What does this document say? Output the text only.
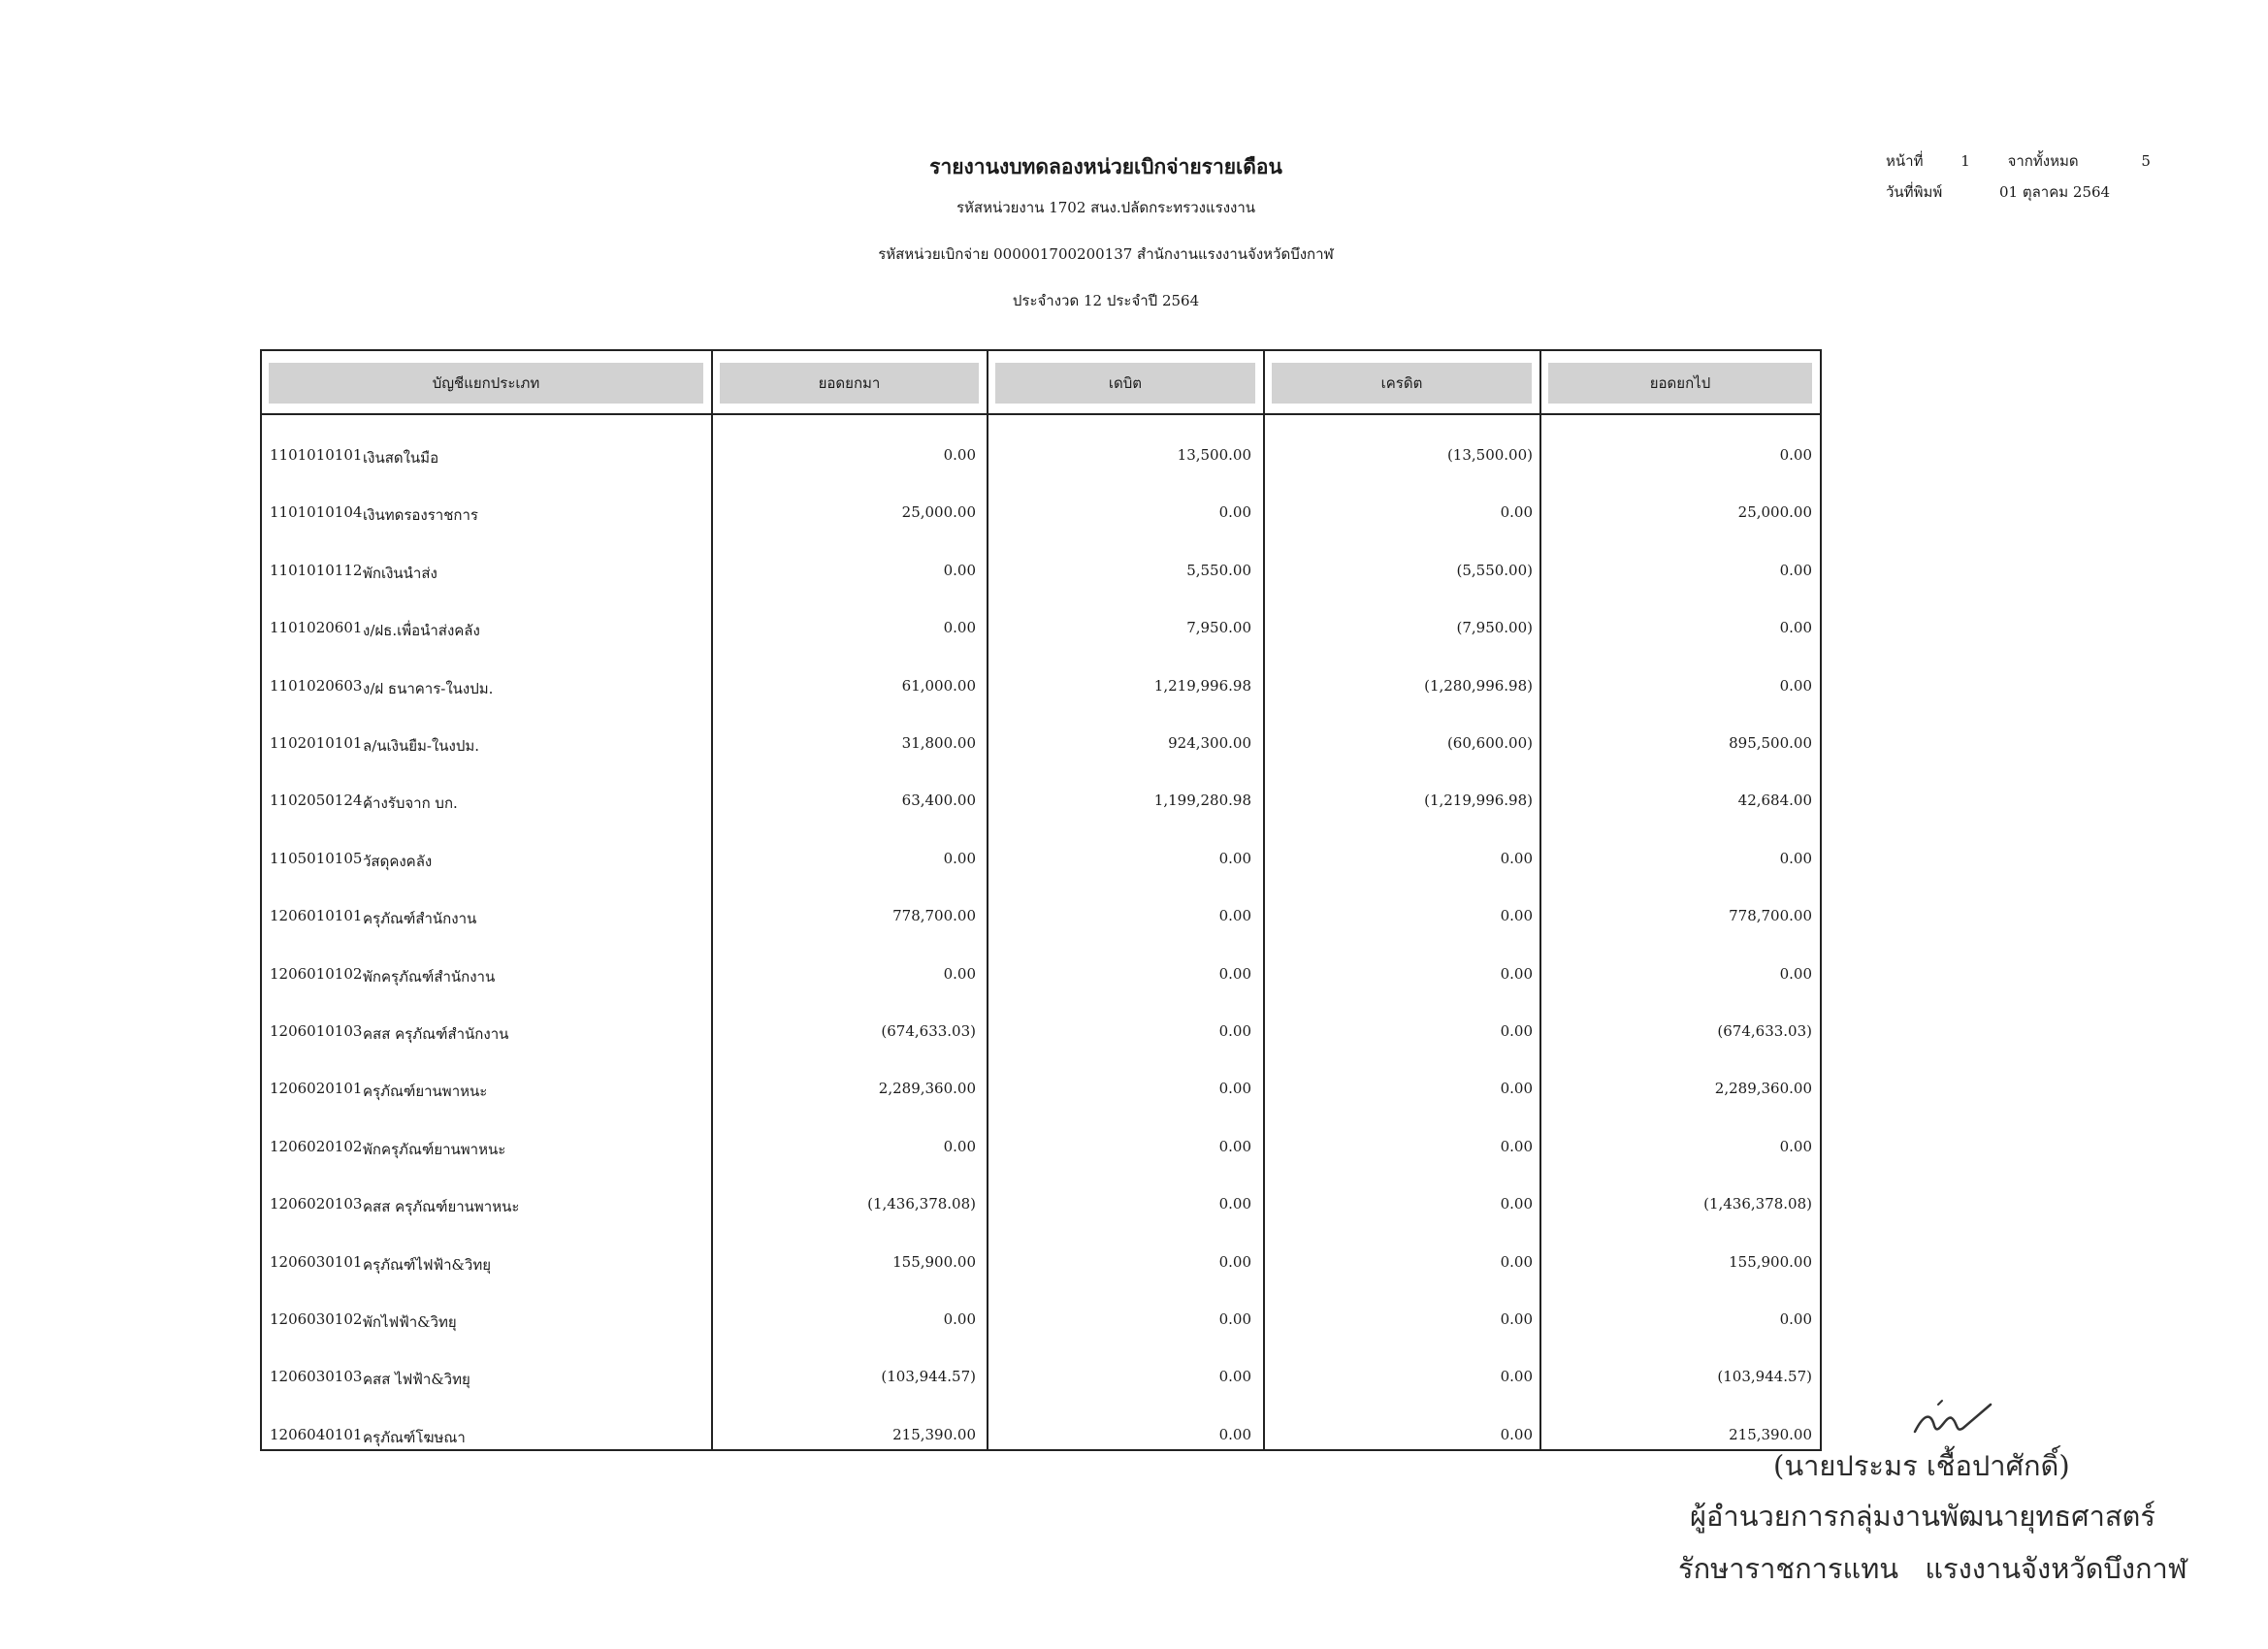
รายงานงบทดลองหน่วยเบิกจ่ายรายเดือน
รหัสหน่วยงาน 1702 สนง.ปลัดกระทรวงแรงงาน
รหัสหน่วยเบิกจ่าย 000001700200137 สำนักงานแรงงานจังหวัดบึงกาฬ
ประจำงวด 12 ประจำปี 2564
หน้าที่	1	จากทั้งหมด	5
วันที่พิมพ์	01 ตุลาคม 2564
บัญชีแยกประเภท	ยอดยกมา	เดบิต	เครดิต	ยอดยกไป
1101010101 เงินสดในมือ	0.00	13,500.00	(13,500.00)	0.00
1101010104 เงินทดรองราชการ	25,000.00	0.00	0.00	25,000.00
1101010112 พักเงินนำส่ง	0.00	5,550.00	(5,550.00)	0.00
1101020601 ง/ฝธ.เพื่อนำส่งคลัง	0.00	7,950.00	(7,950.00)	0.00
1101020603 ง/ฝ ธนาคาร-ในงปม.	61,000.00	1,219,996.98	(1,280,996.98)	0.00
1102010101 ล/นเงินยืม-ในงปม.	31,800.00	924,300.00	(60,600.00)	895,500.00
1102050124 ค้างรับจาก บก.	63,400.00	1,199,280.98	(1,219,996.98)	42,684.00
1105010105 วัสดุคงคลัง	0.00	0.00	0.00	0.00
1206010101 ครุภัณฑ์สำนักงาน	778,700.00	0.00	0.00	778,700.00
1206010102 พักครุภัณฑ์สำนักงาน	0.00	0.00	0.00	0.00
1206010103 คสส ครุภัณฑ์สำนักงาน	(674,633.03)	0.00	0.00	(674,633.03)
1206020101 ครุภัณฑ์ยานพาหนะ	2,289,360.00	0.00	0.00	2,289,360.00
1206020102 พักครุภัณฑ์ยานพาหนะ	0.00	0.00	0.00	0.00
1206020103 คสส ครุภัณฑ์ยานพาหนะ	(1,436,378.08)	0.00	0.00	(1,436,378.08)
1206030101 ครุภัณฑ์ไฟฟ้า&วิทยุ	155,900.00	0.00	0.00	155,900.00
1206030102 พักไฟฟ้า&วิทยุ	0.00	0.00	0.00	0.00
1206030103 คสส ไฟฟ้า&วิทยุ	(103,944.57)	0.00	0.00	(103,944.57)
1206040101 ครุภัณฑ์โฆษณา	215,390.00	0.00	0.00	215,390.00
(นายประมร เชื้อปาศักดิ์)
ผู้อำนวยการกลุ่มงานพัฒนายุทธศาสตร์
รักษาราชการแทน แรงงานจังหวัดบึงกาฬ
